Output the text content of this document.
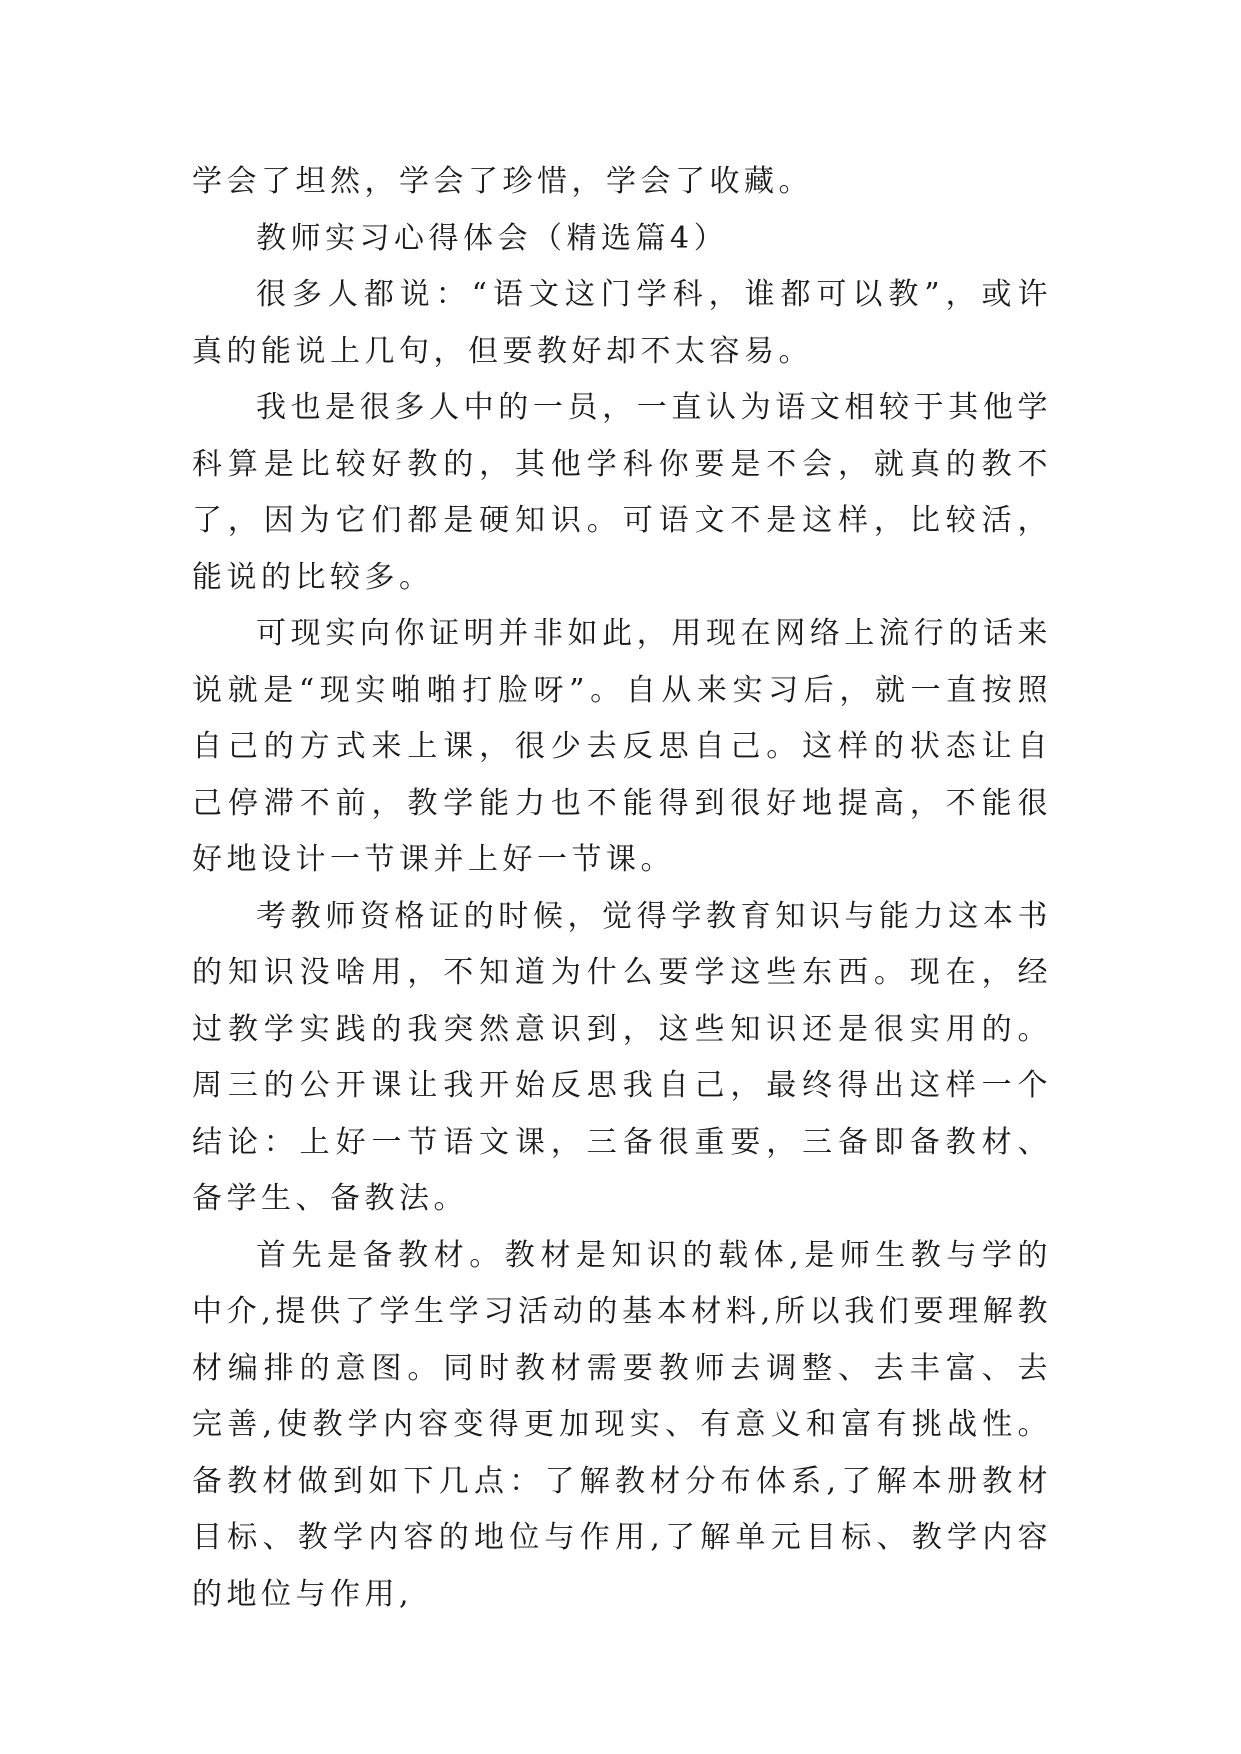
学会了坦然，学会了珍惜，学会了收藏。

教师实习心得体会（精选篇4）

很多人都说：“语文这门学科，谁都可以教”，或许真的能说上几句，但要教好却不太容易。

我也是很多人中的一员，一直认为语文相较于其他学科算是比较好教的，其他学科你要是不会，就真的教不了，因为它们都是硬知识。可语文不是这样，比较活，能说的比较多。

可现实向你证明并非如此，用现在网络上流行的话来说就是“现实啪啪打脸呀”。自从来实习后，就一直按照自己的方式来上课，很少去反思自己。这样的状态让自己停滞不前，教学能力也不能得到很好地提高，不能很好地设计一节课并上好一节课。

考教师资格证的时候，觉得学教育知识与能力这本书的知识没啥用，不知道为什么要学这些东西。现在，经过教学实践的我突然意识到，这些知识还是很实用的。周三的公开课让我开始反思我自己，最终得出这样一个结论：上好一节语文课，三备很重要，三备即备教材、备学生、备教法。

首先是备教材。教材是知识的载体,是师生教与学的中介,提供了学生学习活动的基本材料,所以我们要理解教材编排的意图。同时教材需要教师去调整、去丰富、去完善,使教学内容变得更加现实、有意义和富有挑战性。备教材做到如下几点：了解教材分布体系,了解本册教材目标、教学内容的地位与作用,了解单元目标、教学内容的地位与作用,
